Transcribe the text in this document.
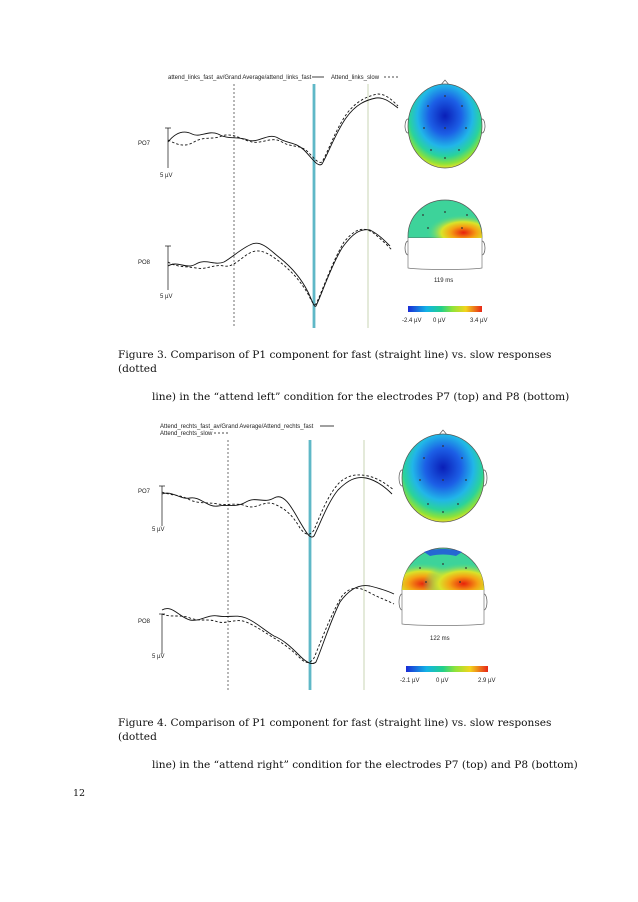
attend_links_fast_av/Grand Average/attend_links_fast	Attend_links_slow
PO7
5 µV
PO8
5 µV
119 ms
-2.4 µV 0 µV	3.4 µV

Figure 3. Comparison of P1 component for fast (straight line) vs. slow responses (dotted
line) in the “attend left” condition for the electrodes P7 (top) and P8 (bottom)

Attend_rechts_fast_av/Grand Average/Attend_rechts_fast
Attend_rechts_slow
PO7
5 µV
PO8
5 µV
122 ms
-2.1 µV	0 µV	2.9 µV

Figure 4. Comparison of P1 component for fast (straight line) vs. slow responses (dotted
line) in the “attend right” condition for the electrodes P7 (top) and P8 (bottom)

12
